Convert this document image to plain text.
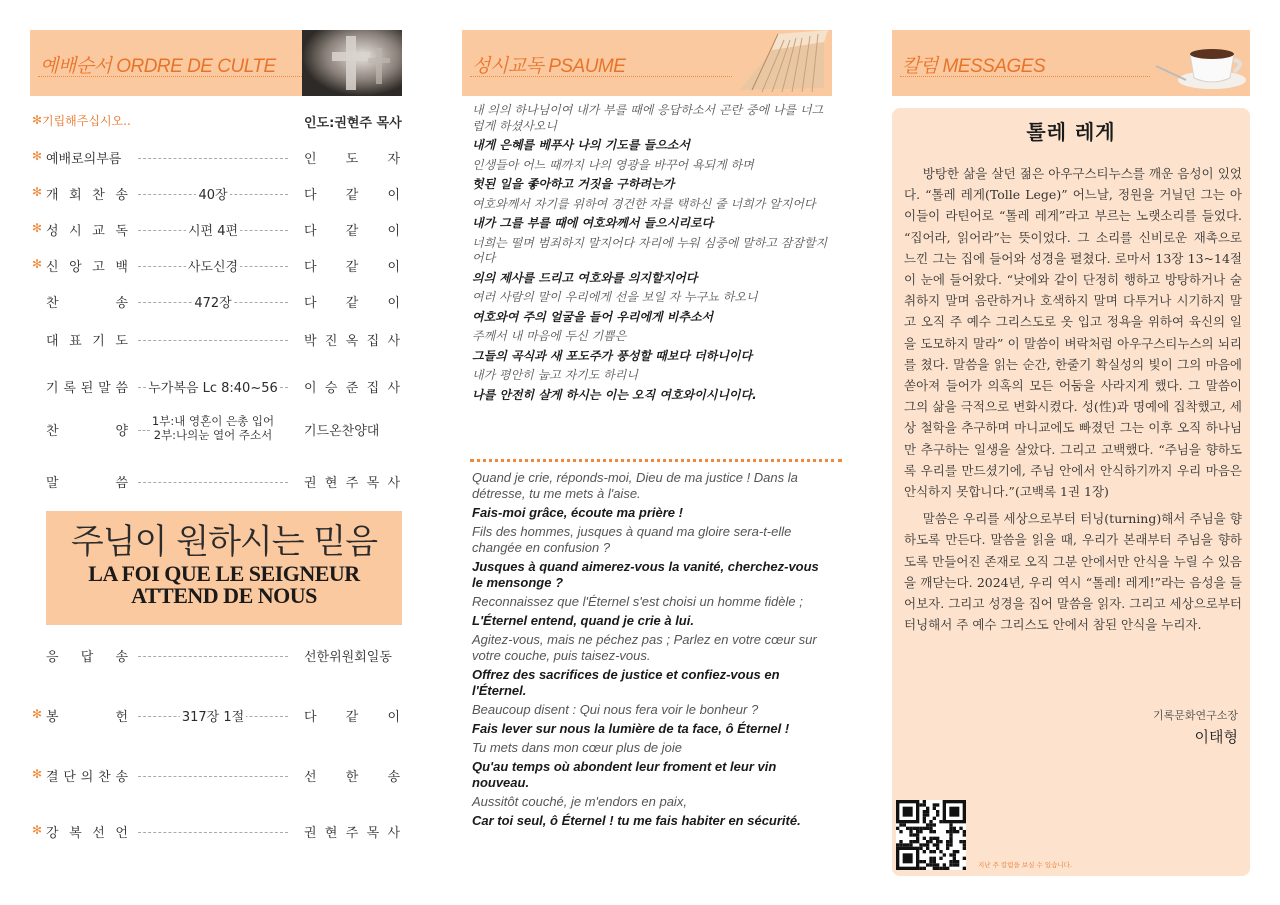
예배순서 ORDRE DE CULTE
✻ 기립해주십시오..	인도:권현주 목사
✻ 예배로의부름	인 도 자
✻ 개 회 찬 송	40장	다 같 이
✻ 성 시 교 독	시편 4편	다 같 이
✻ 신 앙 고 백	사도신경	다 같 이
찬	송	472장	다 같 이
대 표 기 도	박 진 옥 집 사
기 록 된 말 씀	누가복음 Lc 8:40~56	이 승 준 집 사
찬	양
1부:내 영혼이 은총 입어
2부:나의눈 열어 주소서	기드온찬양대
말	씀	권 현 주 목 사
주님이 원하시는 믿음
LA FOI QUE LE SEIGNEUR
ATTEND DE NOUS
응 답 송	선한위원회일동
✻ 봉	헌	317장 1절	다 같 이
✻ 결 단 의 찬 송	선 한 송
✻ 강 복 선 언	권 현 주 목 사
성시교독 PSAUME
내 의의 하나님이여 내가 부를 때에 응답하소서 곤란 중에 나를 너그럽게 하셨사오니
내게 은혜를 베푸사 나의 기도를 들으소서
인생들아 어느 때까지 나의 영광을 바꾸어 욕되게 하며
헛된 일을 좋아하고 거짓을 구하려는가
여호와께서 자기를 위하여 경건한 자를 택하신 줄 너희가 알지어다
내가 그를 부를 때에 여호와께서 들으시리로다
너희는 떨며 범죄하지 말지어다 자리에 누워 심중에 말하고 잠잠할지어다
의의 제사를 드리고 여호와를 의지할지어다
여러 사람의 말이 우리에게 선을 보일 자 누구뇨 하오니
여호와여 주의 얼굴을 들어 우리에게 비추소서
주께서 내 마음에 두신 기쁨은
그들의 곡식과 새 포도주가 풍성할 때보다 더하니이다
내가 평안히 눕고 자기도 하리니
나를 안전히 살게 하시는 이는 오직 여호와이시니이다.
Quand je crie, réponds-moi, Dieu de ma justice ! Dans la détresse, tu me mets à l'aise.
Fais-moi grâce, écoute ma prière !
Fils des hommes, jusques à quand ma gloire sera-t-elle changée en confusion ?
Jusques à quand aimerez-vous la vanité, cherchez-vous le mensonge ?
Reconnaissez que l'Éternel s'est choisi un homme fidèle ;
L'Éternel entend, quand je crie à lui.
Agitez-vous, mais ne péchez pas ; Parlez en votre cœur sur votre couche, puis taisez-vous.
Offrez des sacrifices de justice et confiez-vous en l'Éternel.
Beaucoup disent : Qui nous fera voir le bonheur ?
Fais lever sur nous la lumière de ta face, ô Éternel !
Tu mets dans mon cœur plus de joie
Qu'au temps où abondent leur froment et leur vin nouveau.
Aussitôt couché, je m'endors en paix,
Car toi seul, ô Éternel ! tu me fais habiter en sécurité.
칼럼 MESSAGES
톨레 레게

방탕한 삶을 살던 젊은 아우구스티누스를 깨운 음성이 있었다. “톨레 레게(Tolle Lege)” 어느날, 정원을 거닐던 그는 아이들이 라틴어로 “톨레 레게”라고 부르는 노랫소리를 들었다. “집어라, 읽어라”는 뜻이었다. 그 소리를 신비로운 재촉으로 느낀 그는 집에 들어와 성경을 펼쳤다. 로마서 13장 13~14절이 눈에 들어왔다. “낮에와 같이 단정히 행하고 방탕하거나 술 취하지 말며 음란하거나 호색하지 말며 다투거나 시기하지 말고 오직 주 예수 그리스도로 옷 입고 정욕을 위하여 육신의 일을 도모하지 말라” 이 말씀이 벼락처럼 아우구스티누스의 뇌리를 쳤다. 말씀을 읽는 순간, 한줄기 확실성의 빛이 그의 마음에 쏟아져 들어가 의혹의 모든 어둠을 사라지게 했다. 그 말씀이 그의 삶을 극적으로 변화시켰다. 성(性)과 명예에 집착했고, 세상 철학을 추구하며 마니교에도 빠졌던 그는 이후 오직 하나님만 추구하는 일생을 살았다. 그리고 고백했다. “주님을 향하도록 우리를 만드셨기에, 주님 안에서 안식하기까지 우리 마음은 안식하지 못합니다.”(고백록 1권 1장)

말씀은 우리를 세상으로부터 터닝(turning)해서 주님을 향하도록 만든다. 말씀을 읽을 때, 우리가 본래부터 주님을 향하도록 만들어진 존재로 오직 그분 안에서만 안식을 누릴 수 있음을 깨닫는다. 2024년, 우리 역시 “톨레! 레게!”라는 음성을 들어보자. 그리고 성경을 집어 말씀을 읽자. 그리고 세상으로부터 터닝해서 주 예수 그리스도 안에서 참된 안식을 누리자.

기록문화연구소장
이태형
지난 주 칼럼을 보실 수 있습니다.
